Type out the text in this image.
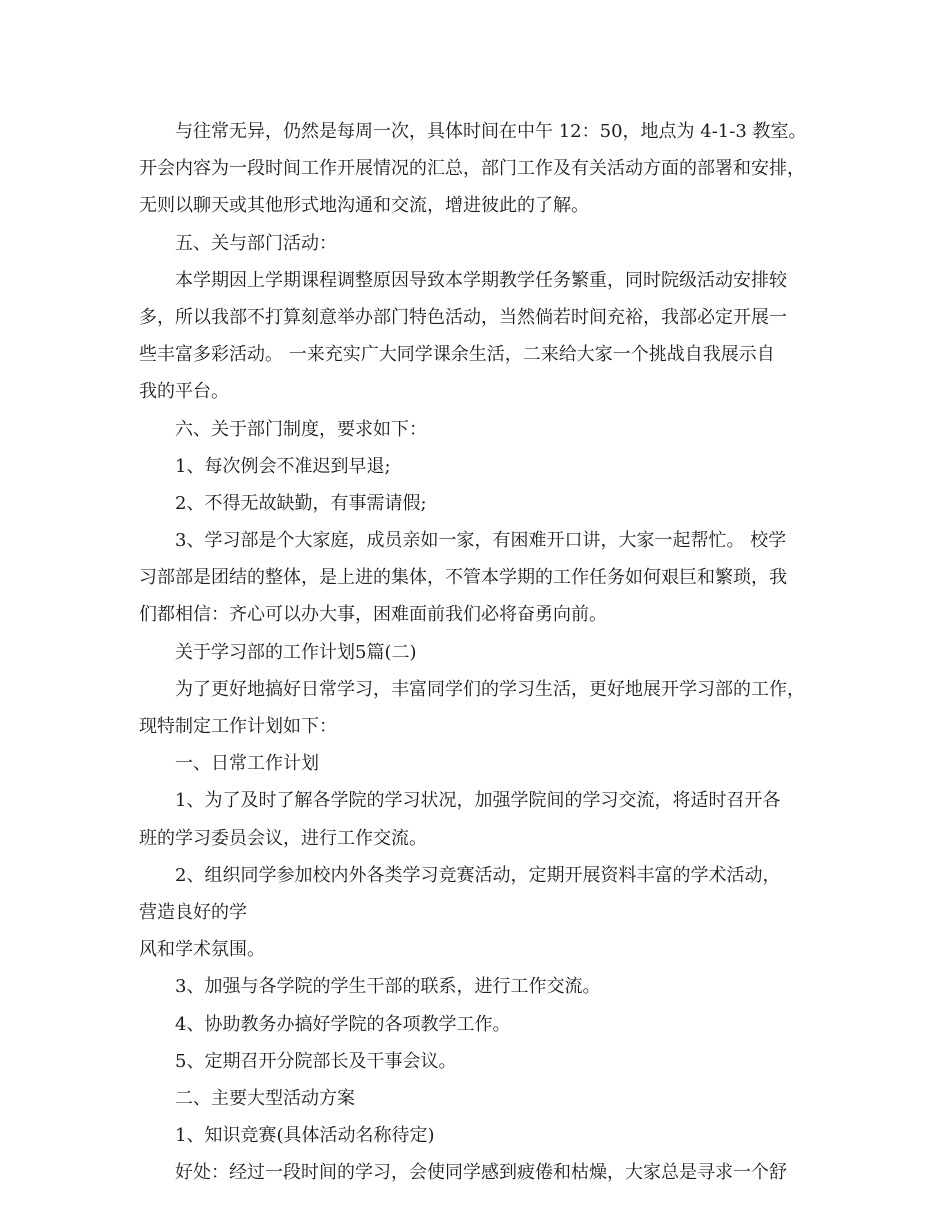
与往常无异，仍然是每周一次，具体时间在中午 12：50，地点为 4-1-3 教室。
开会内容为一段时间工作开展情况的汇总，部门工作及有关活动方面的部署和安排，
无则以聊天或其他形式地沟通和交流，增进彼此的了解。
五、关与部门活动：
本学期因上学期课程调整原因导致本学期教学任务繁重，同时院级活动安排较
多，所以我部不打算刻意举办部门特色活动，当然倘若时间充裕，我部必定开展一
些丰富多彩活动。 一来充实广大同学课余生活，二来给大家一个挑战自我展示自
我的平台。
六、关于部门制度，要求如下：
1、每次例会不准迟到早退;
2、不得无故缺勤，有事需请假;
3、学习部是个大家庭，成员亲如一家，有困难开口讲，大家一起帮忙。 校学
习部部是团结的整体，是上进的集体，不管本学期的工作任务如何艰巨和繁琐，我
们都相信：齐心可以办大事，困难面前我们必将奋勇向前。
关于学习部的工作计划5篇(二)
为了更好地搞好日常学习，丰富同学们的学习生活，更好地展开学习部的工作，
现特制定工作计划如下：
一、日常工作计划
1、为了及时了解各学院的学习状况，加强学院间的学习交流，将适时召开各
班的学习委员会议，进行工作交流。
2、组织同学参加校内外各类学习竞赛活动，定期开展资料丰富的学术活动，
营造良好的学
风和学术氛围。
3、加强与各学院的学生干部的联系，进行工作交流。
4、协助教务办搞好学院的各项教学工作。
5、定期召开分院部长及干事会议。
二、主要大型活动方案
1、知识竞赛(具体活动名称待定)
好处：经过一段时间的学习，会使同学感到疲倦和枯燥，大家总是寻求一个舒
